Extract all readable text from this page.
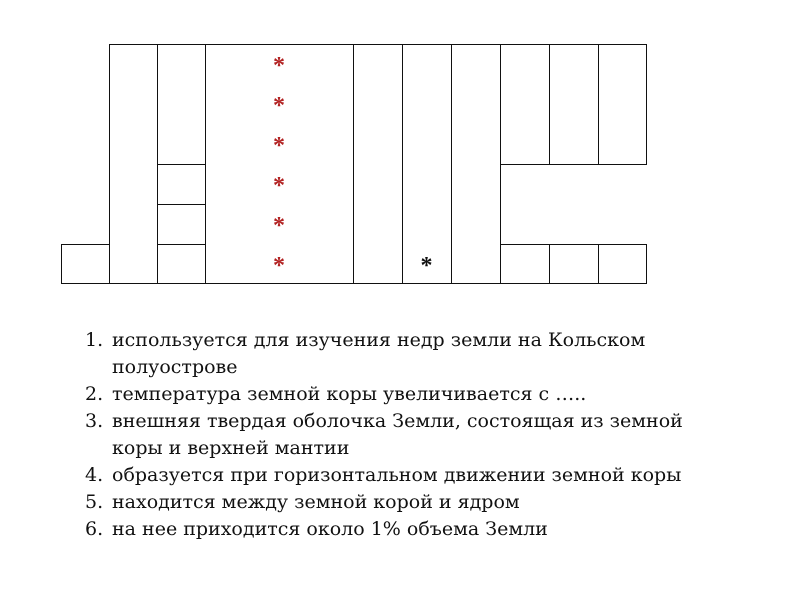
*
*
*
*
*
*	*
1. используется для изучения недр земли на Кольском полуострове
2. температура земной коры увеличивается с …..
3. внешняя твердая оболочка Земли, состоящая из земной коры и верхней мантии
4. образуется при горизонтальном движении земной коры
5. находится между земной корой и ядром
6. на нее приходится около 1% объема Земли
